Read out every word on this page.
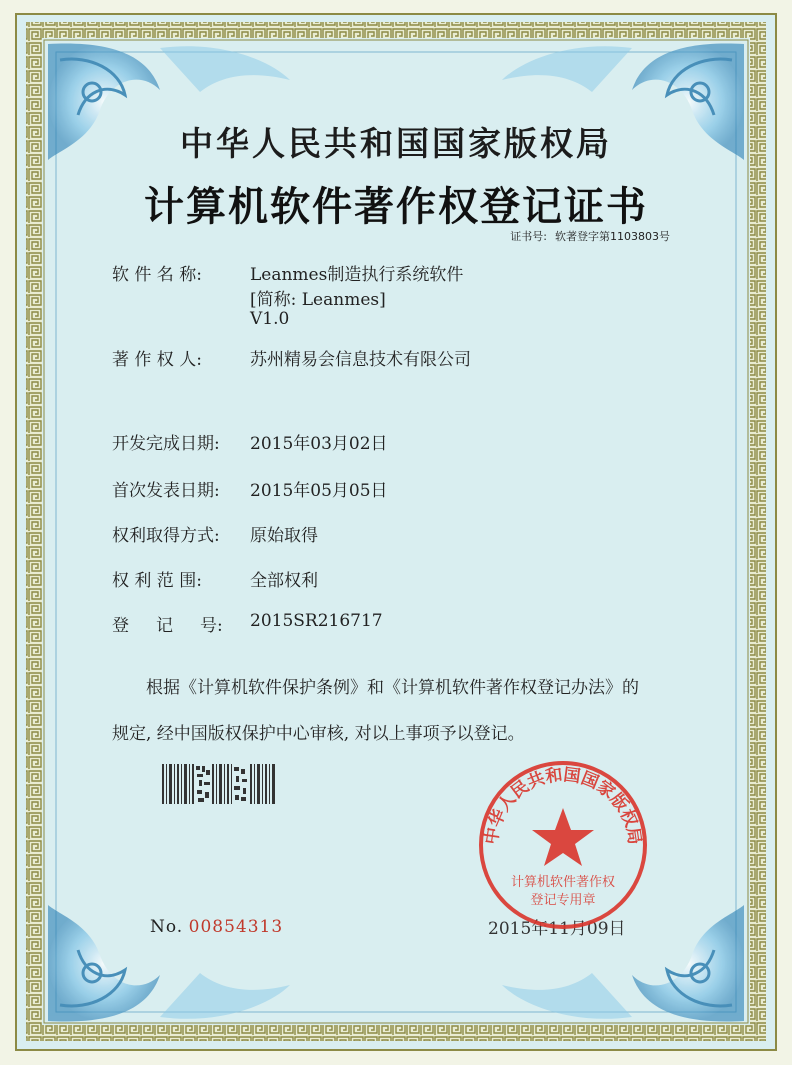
中华人民共和国国家版权局
计算机软件著作权登记证书
证书号: 软著登字第1103803号
软 件 名 称:	Leanmes制造执行系统软件
[简称: Leanmes]
V1.0
著 作 权 人:	苏州精易会信息技术有限公司
开发完成日期: 2015年03月02日
首次发表日期: 2015年05月05日
权利取得方式: 原始取得
权 利 范 围:	全部权利
登     记     号: 2015SR216717
根据《计算机软件保护条例》和《计算机软件著作权登记办法》的
规定, 经中国版权保护中心审核, 对以上事项予以登记。
No. 00854313	2015年11月09日
中华人民共和国国家版权局
计算机软件著作权
登记专用章
